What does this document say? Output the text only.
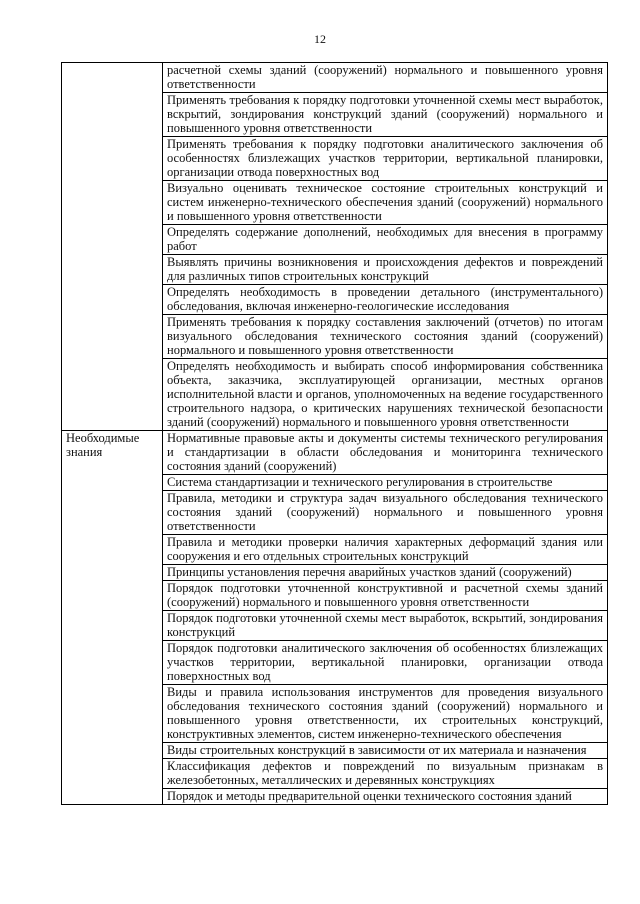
12
	расчетной схемы зданий (сооружений) нормального и повышенного уровня ответственности
	Применять требования к порядку подготовки уточненной схемы мест выработок, вскрытий, зондирования конструкций зданий (сооружений) нормального и повышенного уровня ответственности
	Применять требования к порядку подготовки аналитического заключения об особенностях близлежащих участков территории, вертикальной планировки, организации отвода поверхностных вод
	Визуально оценивать техническое состояние строительных конструкций и систем инженерно-технического обеспечения зданий (сооружений) нормального и повышенного уровня ответственности
	Определять содержание дополнений, необходимых для внесения в программу работ
	Выявлять причины возникновения и происхождения дефектов и повреждений для различных типов строительных конструкций
	Определять необходимость в проведении детального (инструментального) обследования, включая инженерно-геологические исследования
	Применять требования к порядку составления заключений (отчетов) по итогам визуального обследования технического состояния зданий (сооружений) нормального и повышенного уровня ответственности
	Определять необходимость и выбирать способ информирования собственника объекта, заказчика, эксплуатирующей организации, местных органов исполнительной власти и органов, уполномоченных на ведение государственного строительного надзора, о критических нарушениях технической безопасности зданий (сооружений) нормального и повышенного уровня ответственности
Необходимые знания	Нормативные правовые акты и документы системы технического регулирования и стандартизации в области обследования и мониторинга технического состояния зданий (сооружений)
	Система стандартизации и технического регулирования в строительстве
	Правила, методики и структура задач визуального обследования технического состояния зданий (сооружений) нормального и повышенного уровня ответственности
	Правила и методики проверки наличия характерных деформаций здания или сооружения и его отдельных строительных конструкций
	Принципы установления перечня аварийных участков зданий (сооружений)
	Порядок подготовки уточненной конструктивной и расчетной схемы зданий (сооружений) нормального и повышенного уровня ответственности
	Порядок подготовки уточненной схемы мест выработок, вскрытий, зондирования конструкций
	Порядок подготовки аналитического заключения об особенностях близлежащих участков территории, вертикальной планировки, организации отвода поверхностных вод
	Виды и правила использования инструментов для проведения визуального обследования технического состояния зданий (сооружений) нормального и повышенного уровня ответственности, их строительных конструкций, конструктивных элементов, систем инженерно-технического обеспечения
	Виды строительных конструкций в зависимости от их материала и назначения
	Классификация дефектов и повреждений по визуальным признакам в железобетонных, металлических и деревянных конструкциях
	Порядок и методы предварительной оценки технического состояния зданий
